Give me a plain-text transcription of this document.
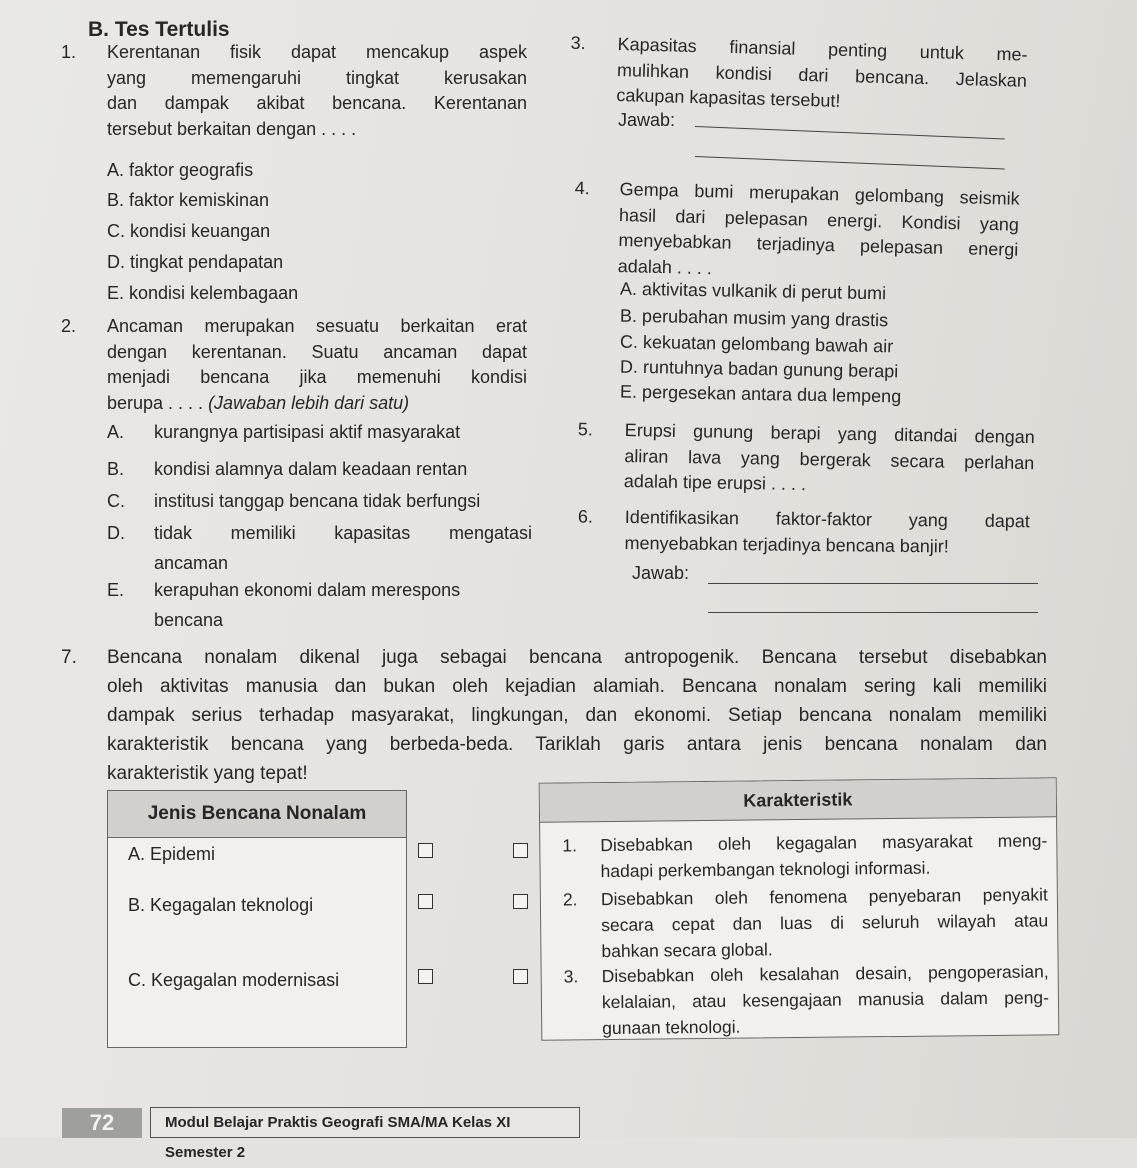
B. Tes Tertulis
1. Kerentanan fisik dapat mencakup aspek
yang memengaruhi tingkat kerusakan
dan dampak akibat bencana. Kerentanan
tersebut berkaitan dengan . . . .
A. faktor geografis
B. faktor kemiskinan
C. kondisi keuangan
D. tingkat pendapatan
E. kondisi kelembagaan
2. Ancaman merupakan sesuatu berkaitan erat
dengan kerentanan. Suatu ancaman dapat
menjadi bencana jika memenuhi kondisi
berupa . . . . (Jawaban lebih dari satu)
A. kurangnya partisipasi aktif masyarakat
B. kondisi alamnya dalam keadaan rentan
C. institusi tanggap bencana tidak berfungsi
D. tidak memiliki kapasitas mengatasi
ancaman
E. kerapuhan ekonomi dalam merespons
bencana
3. Kapasitas finansial penting untuk me-
mulihkan kondisi dari bencana. Jelaskan
cakupan kapasitas tersebut!
Jawab:
4. Gempa bumi merupakan gelombang seismik
hasil dari pelepasan energi. Kondisi yang
menyebabkan terjadinya pelepasan energi
adalah . . . .
A. aktivitas vulkanik di perut bumi
B. perubahan musim yang drastis
C. kekuatan gelombang bawah air
D. runtuhnya badan gunung berapi
E. pergesekan antara dua lempeng
5. Erupsi gunung berapi yang ditandai dengan
aliran lava yang bergerak secara perlahan
adalah tipe erupsi . . . .
6. Identifikasikan faktor-faktor yang dapat
menyebabkan terjadinya bencana banjir!
Jawab:
7. Bencana nonalam dikenal juga sebagai bencana antropogenik. Bencana tersebut disebabkan
oleh aktivitas manusia dan bukan oleh kejadian alamiah. Bencana nonalam sering kali memiliki
dampak serius terhadap masyarakat, lingkungan, dan ekonomi. Setiap bencana nonalam memiliki
karakteristik bencana yang berbeda-beda. Tariklah garis antara jenis bencana nonalam dan
karakteristik yang tepat!
Jenis Bencana Nonalam
A. Epidemi
B. Kegagalan teknologi
C. Kegagalan modernisasi
Karakteristik
1. Disebabkan oleh kegagalan masyarakat meng-
hadapi perkembangan teknologi informasi.
2. Disebabkan oleh fenomena penyebaran penyakit
secara cepat dan luas di seluruh wilayah atau
bahkan secara global.
3. Disebabkan oleh kesalahan desain, pengoperasian,
kelalaian, atau kesengajaan manusia dalam peng-
gunaan teknologi.
72	Modul Belajar Praktis Geografi SMA/MA Kelas XI Semester 2
